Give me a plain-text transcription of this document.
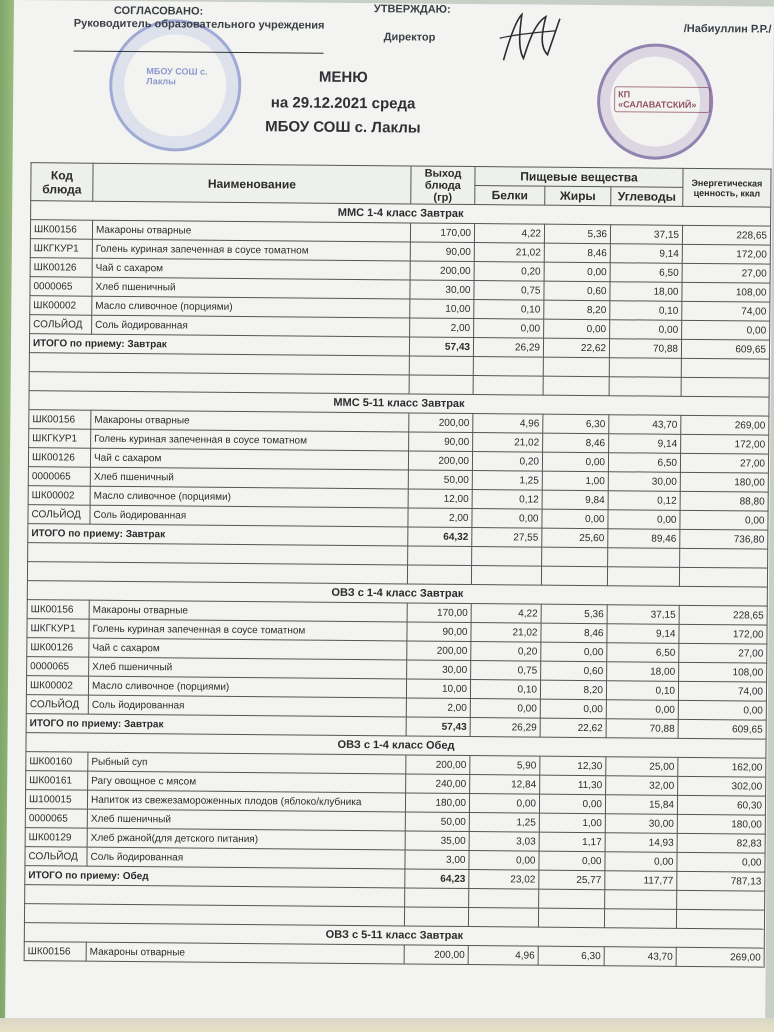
МБОУ СОШ с. Лаклы
КП «САЛАВАТСКИЙ»
СОГЛАСОВАНО:
Руководитель образовательного учреждения
УТВЕРЖДАЮ:
Директор
/Набиуллин Р.Р./
МЕНЮ
на 29.12.2021 среда
МБОУ СОШ с. Лаклы
Код блюда	Наименование	Выход блюда (гр)	Пищевые вещества			Энергетическая ценность, ккал
			Белки	Жиры	Углеводы	
ММС 1-4 класс Завтрак						
ШК00156	Макароны отварные	170,00	4,22	5,36	37,15	228,65
ШКГКУР1	Голень куриная запеченная в соусе томатном	90,00	21,02	8,46	9,14	172,00
ШК00126	Чай с сахаром	200,00	0,20	0,00	6,50	27,00
0000065	Хлеб пшеничный	30,00	0,75	0,60	18,00	108,00
ШК00002	Масло сливочное (порциями)	10,00	0,10	8,20	0,10	74,00
СОЛЬЙОД	Соль йодированная	2,00	0,00	0,00	0,00	0,00
ИТОГО по приему: Завтрак		57,43	26,29	22,62	70,88	609,65

ММС 5-11 класс Завтрак						
ШК00156	Макароны отварные	200,00	4,96	6,30	43,70	269,00
ШКГКУР1	Голень куриная запеченная в соусе томатном	90,00	21,02	8,46	9,14	172,00
ШК00126	Чай с сахаром	200,00	0,20	0,00	6,50	27,00
0000065	Хлеб пшеничный	50,00	1,25	1,00	30,00	180,00
ШК00002	Масло сливочное (порциями)	12,00	0,12	9,84	0,12	88,80
СОЛЬЙОД	Соль йодированная	2,00	0,00	0,00	0,00	0,00
ИТОГО по приему: Завтрак		64,32	27,55	25,60	89,46	736,80

ОВЗ с 1-4 класс Завтрак						
ШК00156	Макароны отварные	170,00	4,22	5,36	37,15	228,65
ШКГКУР1	Голень куриная запеченная в соусе томатном	90,00	21,02	8,46	9,14	172,00
ШК00126	Чай с сахаром	200,00	0,20	0,00	6,50	27,00
0000065	Хлеб пшеничный	30,00	0,75	0,60	18,00	108,00
ШК00002	Масло сливочное (порциями)	10,00	0,10	8,20	0,10	74,00
СОЛЬЙОД	Соль йодированная	2,00	0,00	0,00	0,00	0,00
ИТОГО по приему: Завтрак		57,43	26,29	22,62	70,88	609,65
ОВЗ с 1-4 класс Обед						
ШК00160	Рыбный суп	200,00	5,90	12,30	25,00	162,00
ШК00161	Рагу овощное с мясом	240,00	12,84	11,30	32,00	302,00
Ш100015	Напиток из свежезамороженных плодов (яблоко/клубника	180,00	0,00	0,00	15,84	60,30
0000065	Хлеб пшеничный	50,00	1,25	1,00	30,00	180,00
ШК00129	Хлеб ржаной(для детского питания)	35,00	3,03	1,17	14,93	82,83
СОЛЬЙОД	Соль йодированная	3,00	0,00	0,00	0,00	0,00
ИТОГО по приему: Обед		64,23	23,02	25,77	117,77	787,13

ОВЗ с 5-11 класс Завтрак						
ШК00156	Макароны отварные	200,00	4,96	6,30	43,70	269,00
